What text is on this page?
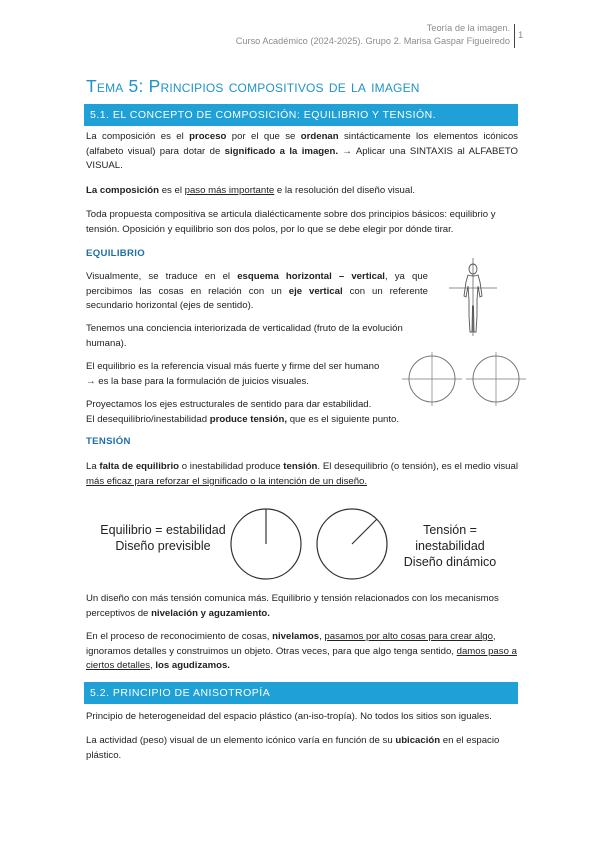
Teoría de la imagen.
Curso Académico (2024-2025). Grupo 2. Marisa Gaspar Figueiredo 1
Tema 5: Principios compositivos de la imagen
5.1. EL CONCEPTO DE COMPOSICIÓN: EQUILIBRIO Y TENSIÓN.
La composición es el proceso por el que se ordenan sintácticamente los elementos icónicos (alfabeto visual) para dotar de significado a la imagen. → Aplicar una SINTAXIS al ALFABETO VISUAL.
La composición es el paso más importante e la resolución del diseño visual.
Toda propuesta compositiva se articula dialécticamente sobre dos principios básicos: equilibrio y tensión. Oposición y equilibrio son dos polos, por lo que se debe elegir por dónde tirar.
EQUILIBRIO
Visualmente, se traduce en el esquema horizontal – vertical, ya que percibimos las cosas en relación con un eje vertical con un referente secundario horizontal (ejes de sentido).
Tenemos una conciencia interiorizada de verticalidad (fruto de la evolución humana).
El equilibrio es la referencia visual más fuerte y firme del ser humano
→ es la base para la formulación de juicios visuales.
Proyectamos los ejes estructurales de sentido para dar estabilidad.
El desequilibrio/inestabilidad produce tensión, que es el siguiente punto.
TENSIÓN
La falta de equilibrio o inestabilidad produce tensión. El desequilibrio (o tensión), es el medio visual más eficaz para reforzar el significado o la intención de un diseño.
Equilibrio = estabilidad
Diseño previsible
Tensión = inestabilidad
Diseño dinámico
Un diseño con más tensión comunica más. Equilibrio y tensión relacionados con los mecanismos perceptivos de nivelación y aguzamiento.
En el proceso de reconocimiento de cosas, nivelamos, pasamos por alto cosas para crear algo, ignoramos detalles y construimos un objeto. Otras veces, para que algo tenga sentido, damos paso a ciertos detalles, los agudizamos.
5.2. PRINCIPIO DE ANISOTROPÍA
Principio de heterogeneidad del espacio plástico (an-iso-tropía). No todos los sitios son iguales.
La actividad (peso) visual de un elemento icónico varía en función de su ubicación en el espacio plástico.
